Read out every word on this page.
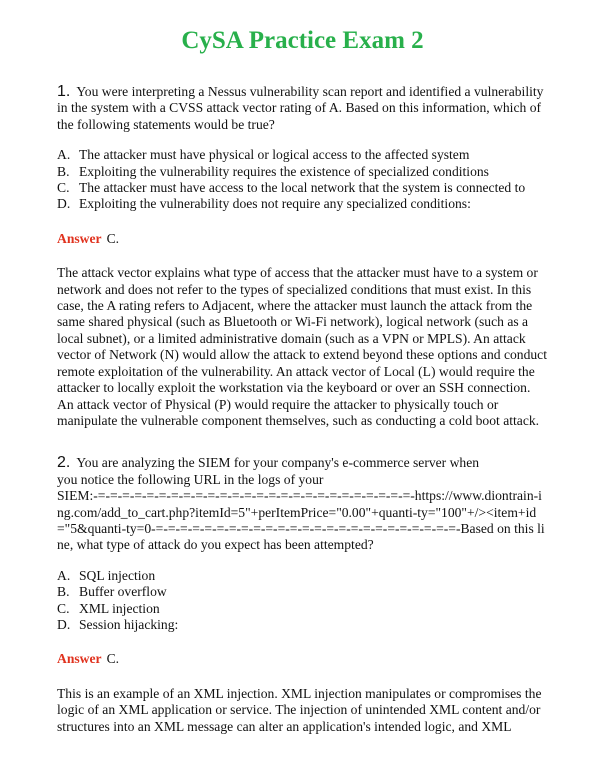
CySA Practice Exam 2

1. You were interpreting a Nessus vulnerability scan report and identified a vulnerability in the system with a CVSS attack vector rating of A. Based on this information, which of the following statements would be true?

A. The attacker must have physical or logical access to the affected system
B. Exploiting the vulnerability requires the existence of specialized conditions
C. The attacker must have access to the local network that the system is connected to
D. Exploiting the vulnerability does not require any specialized conditions:

Answer C.

The attack vector explains what type of access that the attacker must have to a system or network and does not refer to the types of specialized conditions that must exist. In this case, the A rating refers to Adjacent, where the attacker must launch the attack from the same shared physical (such as Bluetooth or Wi-Fi network), logical network (such as a local subnet), or a limited administrative domain (such as a VPN or MPLS). An attack vector of Network (N) would allow the attack to extend beyond these options and conduct remote exploitation of the vulnerability. An attack vector of Local (L) would require the attacker to locally exploit the workstation via the keyboard or over an SSH connection. An attack vector of Physical (P) would require the attacker to physically touch or manipulate the vulnerable component themselves, such as conducting a cold boot attack.

2. You are analyzing the SIEM for your company's e-commerce server when
you notice the following URL in the logs of your
SIEM:-=-=-=-=-=-=-=-=-=-=-=-=-=-=-=-=-=-=-=-=-=-=-=-=-=-=-https://www.diontrain-ing.com/add_to_cart.php?itemId=5"+perItemPrice="0.00"+quanti-ty="100"+/><item+id="5&quanti-ty=0-=-=-=-=-=-=-=-=-=-=-=-=-=-=-=-=-=-=-=-=-=-=-=-=-=-Based on this line, what type of attack do you expect has been attempted?

A. SQL injection
B. Buffer overflow
C. XML injection
D. Session hijacking:

Answer C.

This is an example of an XML injection. XML injection manipulates or compromises the logic of an XML application or service. The injection of unintended XML content and/or structures into an XML message can alter an application's intended logic, and XML
